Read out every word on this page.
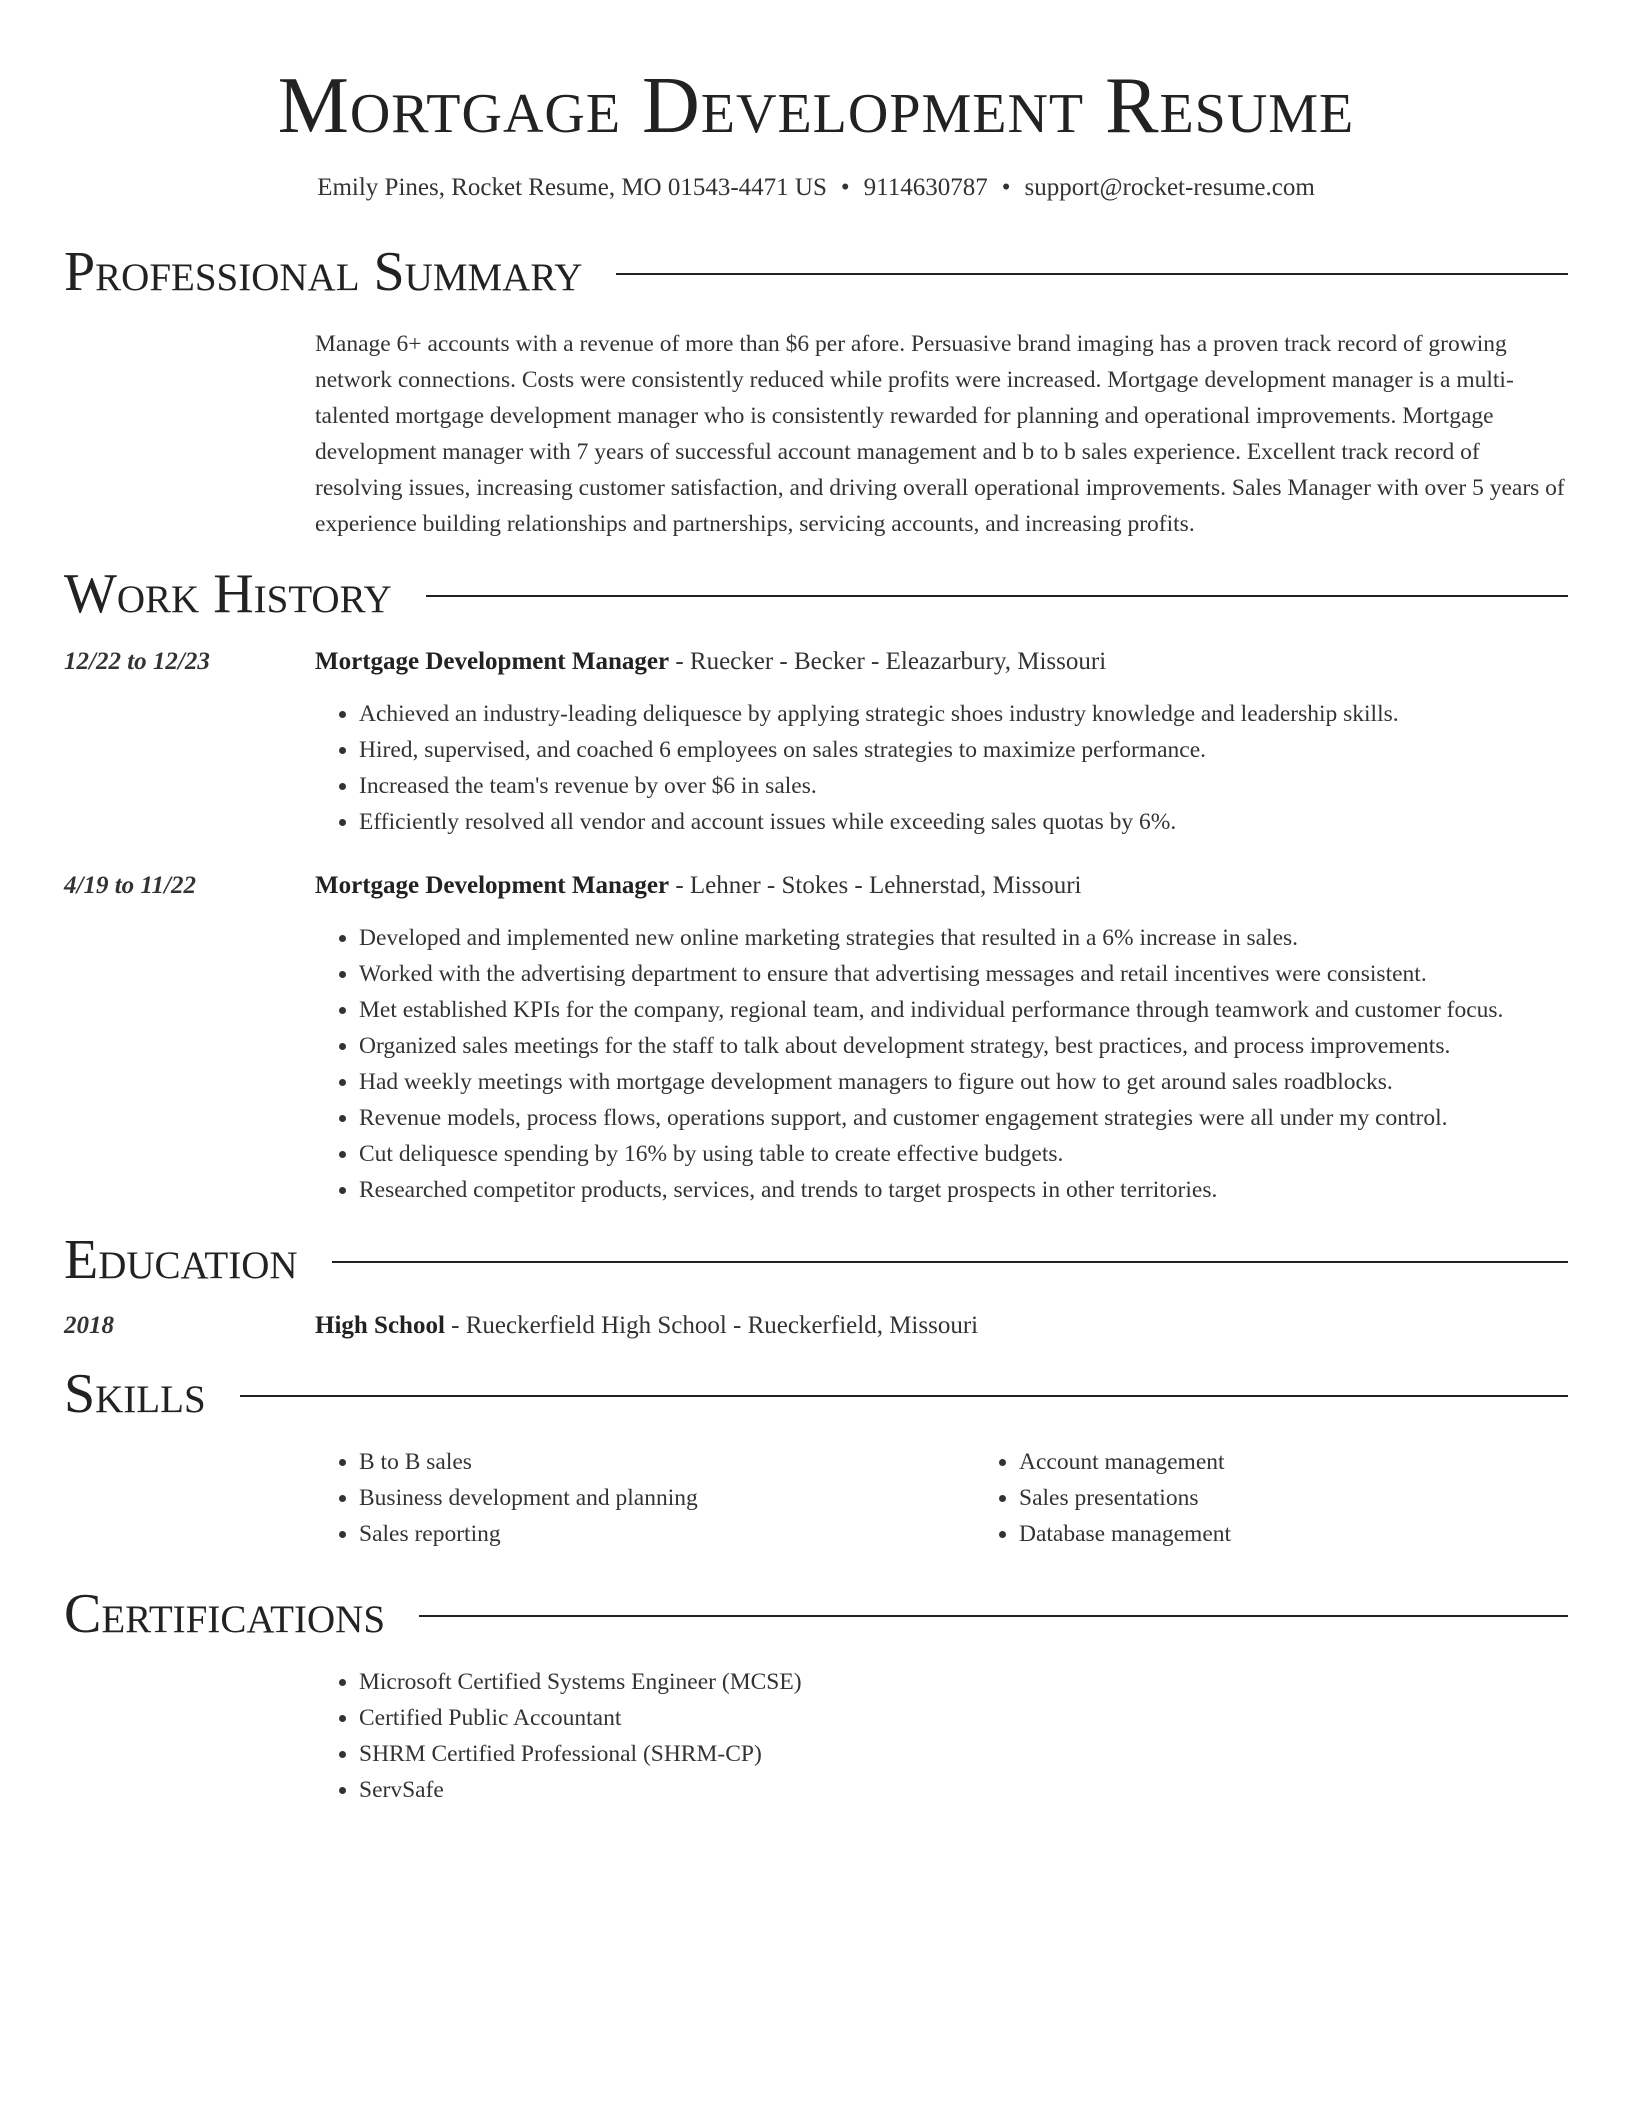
Mortgage Development Resume
Emily Pines, Rocket Resume, MO 01543-4471 US • 9114630787 • support@rocket-resume.com
Professional Summary
Manage 6+ accounts with a revenue of more than $6 per afore. Persuasive brand imaging has a proven track record of growing network connections. Costs were consistently reduced while profits were increased. Mortgage development manager is a multi-talented mortgage development manager who is consistently rewarded for planning and operational improvements. Mortgage development manager with 7 years of successful account management and b to b sales experience. Excellent track record of resolving issues, increasing customer satisfaction, and driving overall operational improvements. Sales Manager with over 5 years of experience building relationships and partnerships, servicing accounts, and increasing profits.
Work History
12/22 to 12/23	Mortgage Development Manager - Ruecker - Becker - Eleazarbury, Missouri
• Achieved an industry-leading deliquesce by applying strategic shoes industry knowledge and leadership skills.
• Hired, supervised, and coached 6 employees on sales strategies to maximize performance.
• Increased the team's revenue by over $6 in sales.
• Efficiently resolved all vendor and account issues while exceeding sales quotas by 6%.
4/19 to 11/22	Mortgage Development Manager - Lehner - Stokes - Lehnerstad, Missouri
• Developed and implemented new online marketing strategies that resulted in a 6% increase in sales.
• Worked with the advertising department to ensure that advertising messages and retail incentives were consistent.
• Met established KPIs for the company, regional team, and individual performance through teamwork and customer focus.
• Organized sales meetings for the staff to talk about development strategy, best practices, and process improvements.
• Had weekly meetings with mortgage development managers to figure out how to get around sales roadblocks.
• Revenue models, process flows, operations support, and customer engagement strategies were all under my control.
• Cut deliquesce spending by 16% by using table to create effective budgets.
• Researched competitor products, services, and trends to target prospects in other territories.
Education
2018	High School - Rueckerfield High School - Rueckerfield, Missouri
Skills
• B to B sales
• Business development and planning
• Sales reporting
• Account management
• Sales presentations
• Database management
Certifications
• Microsoft Certified Systems Engineer (MCSE)
• Certified Public Accountant
• SHRM Certified Professional (SHRM-CP)
• ServSafe
